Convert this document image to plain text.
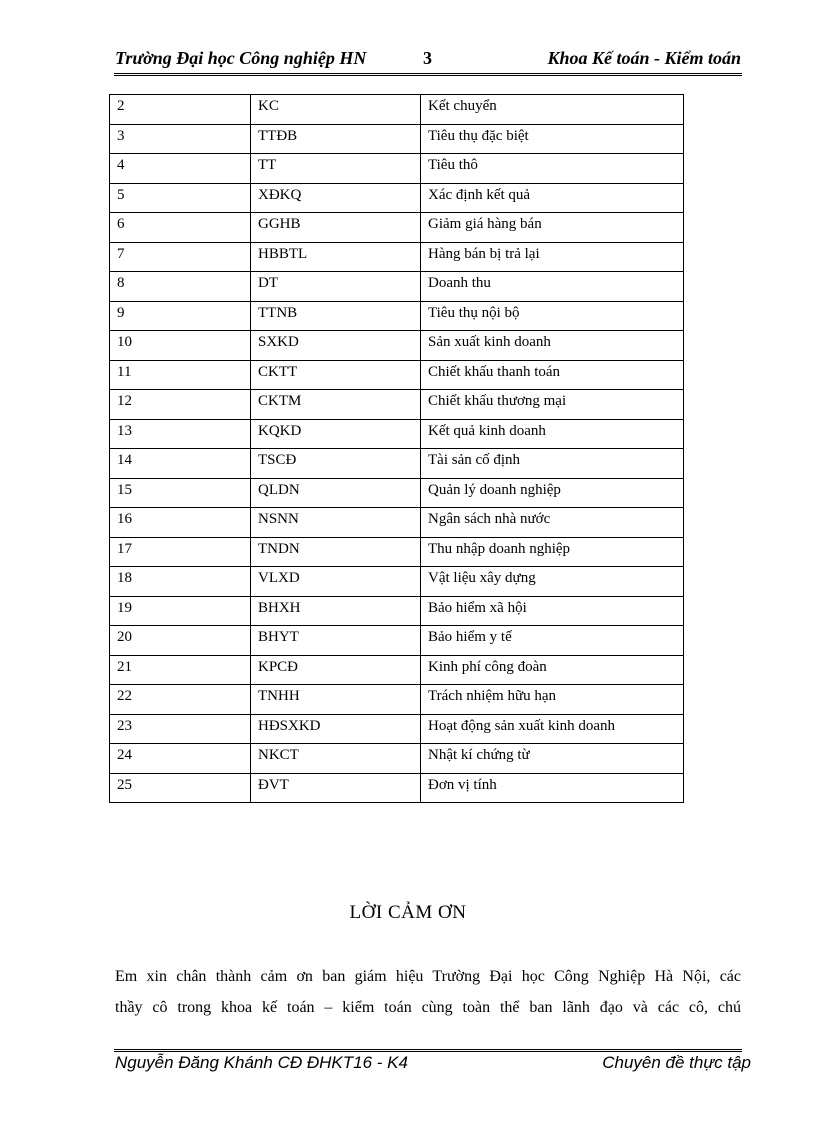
Trường Đại học Công nghiệp HN	3	Khoa Kế toán - Kiểm toán
2	KC	Kết chuyển
3	TTĐB	Tiêu thụ đặc biệt
4	TT	Tiêu thô
5	XĐKQ	Xác định kết quả
6	GGHB	Giảm giá hàng bán
7	HBBTL	Hàng bán bị trả lại
8	DT	Doanh thu
9	TTNB	Tiêu thụ nội bộ
10	SXKD	Sản xuất kinh doanh
11	CKTT	Chiết khấu thanh toán
12	CKTM	Chiết khấu thương mại
13	KQKD	Kết quả kinh doanh
14	TSCĐ	Tài sản cố định
15	QLDN	Quản lý doanh nghiệp
16	NSNN	Ngân sách nhà nước
17	TNDN	Thu nhập doanh nghiệp
18	VLXD	Vật liệu xây dựng
19	BHXH	Bảo hiểm xã hội
20	BHYT	Bảo hiểm y tế
21	KPCĐ	Kinh phí công đoàn
22	TNHH	Trách nhiệm hữu hạn
23	HĐSXKD	Hoạt động sản xuất kinh doanh
24	NKCT	Nhật kí chứng từ
25	ĐVT	Đơn vị tính
LỜI CẢM ƠN
Em xin chân thành cảm ơn ban giám hiệu Trường Đại học Công Nghiệp Hà Nội, các
thầy cô trong khoa kế toán – kiểm toán cùng toàn thể ban lãnh đạo và các cô, chú
Nguyễn Đăng Khánh CĐ ĐHKT16 - K4	Chuyên đề thực tập
